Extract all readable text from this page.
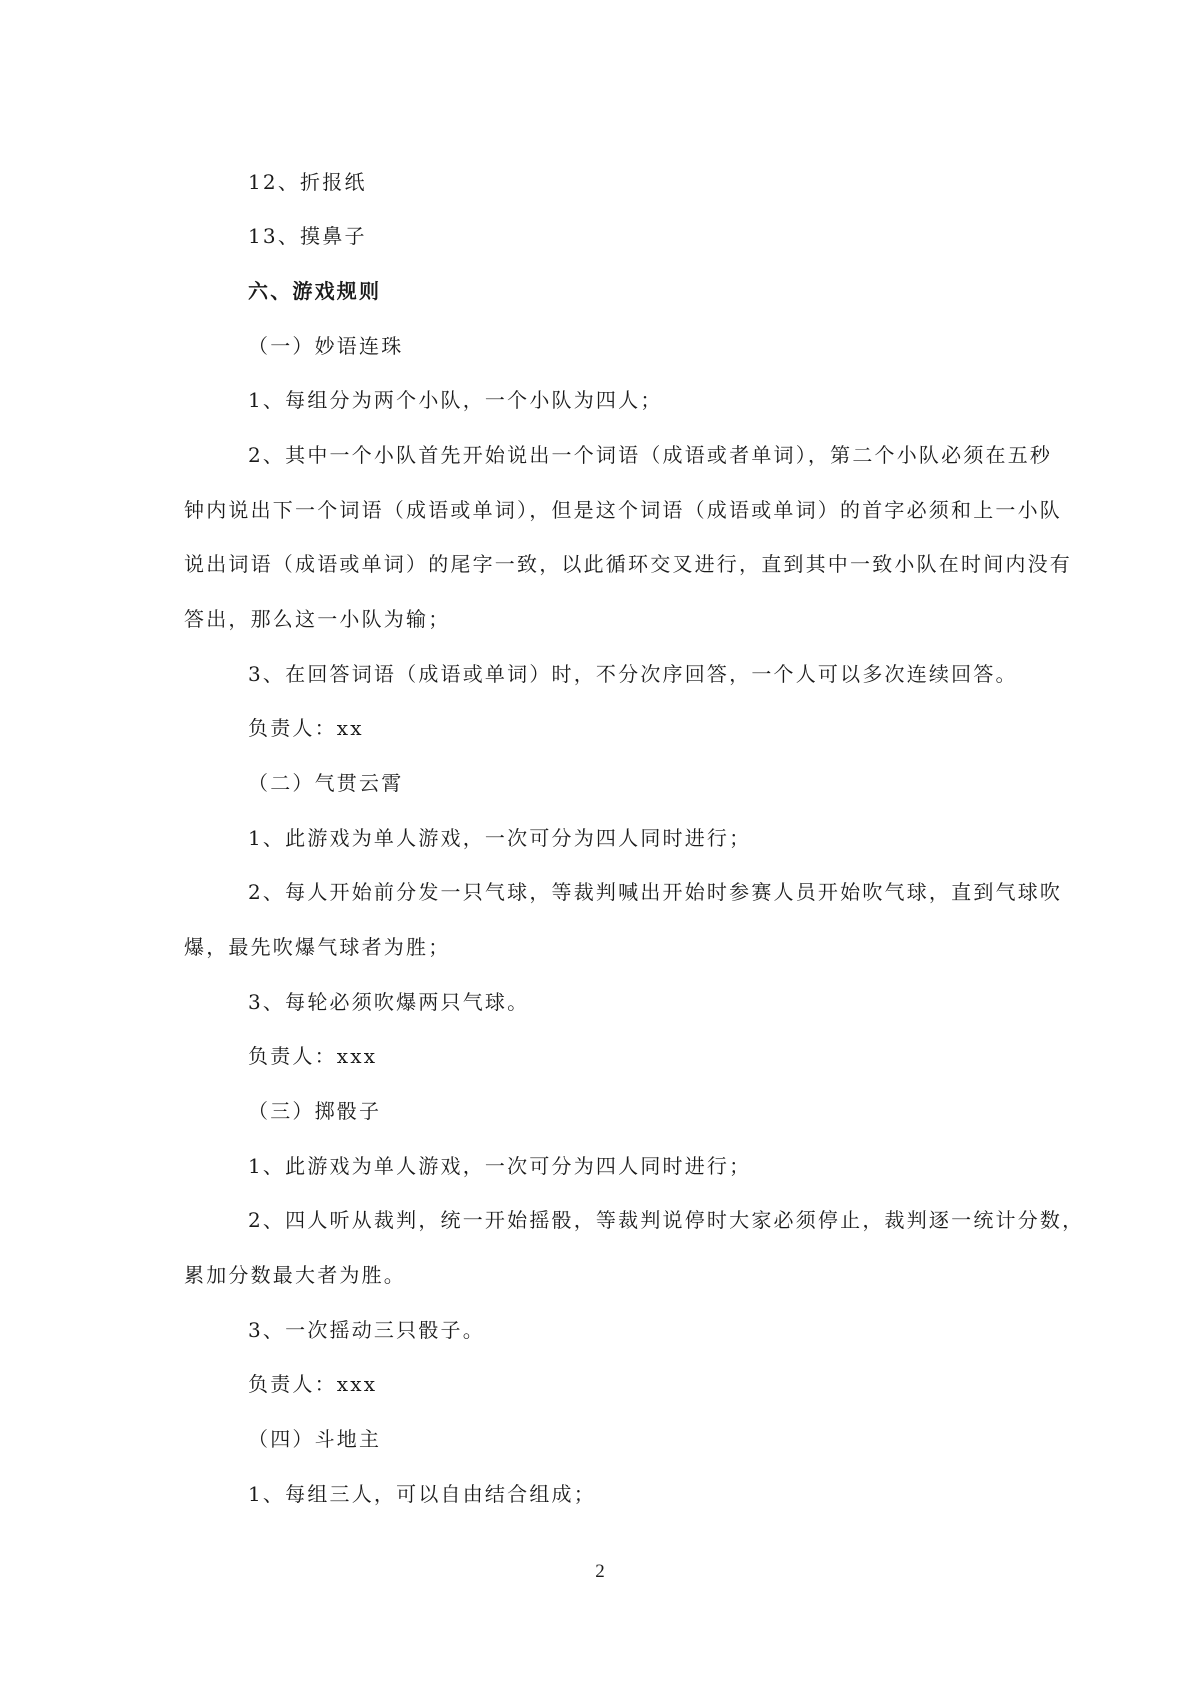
12、折报纸
13、摸鼻子
六、游戏规则
（一）妙语连珠
1、每组分为两个小队，一个小队为四人；
2、其中一个小队首先开始说出一个词语（成语或者单词），第二个小队必须在五秒
钟内说出下一个词语（成语或单词），但是这个词语（成语或单词）的首字必须和上一小队
说出词语（成语或单词）的尾字一致，以此循环交叉进行，直到其中一致小队在时间内没有
答出，那么这一小队为输；
3、在回答词语（成语或单词）时，不分次序回答，一个人可以多次连续回答。
负责人：xx
（二）气贯云霄
1、此游戏为单人游戏，一次可分为四人同时进行；
2、每人开始前分发一只气球，等裁判喊出开始时参赛人员开始吹气球，直到气球吹
爆，最先吹爆气球者为胜；
3、每轮必须吹爆两只气球。
负责人：xxx
（三）掷骰子
1、此游戏为单人游戏，一次可分为四人同时进行；
2、四人听从裁判，统一开始摇骰，等裁判说停时大家必须停止，裁判逐一统计分数，
累加分数最大者为胜。
3、一次摇动三只骰子。
负责人：xxx
（四）斗地主
1、每组三人，可以自由结合组成；
2
